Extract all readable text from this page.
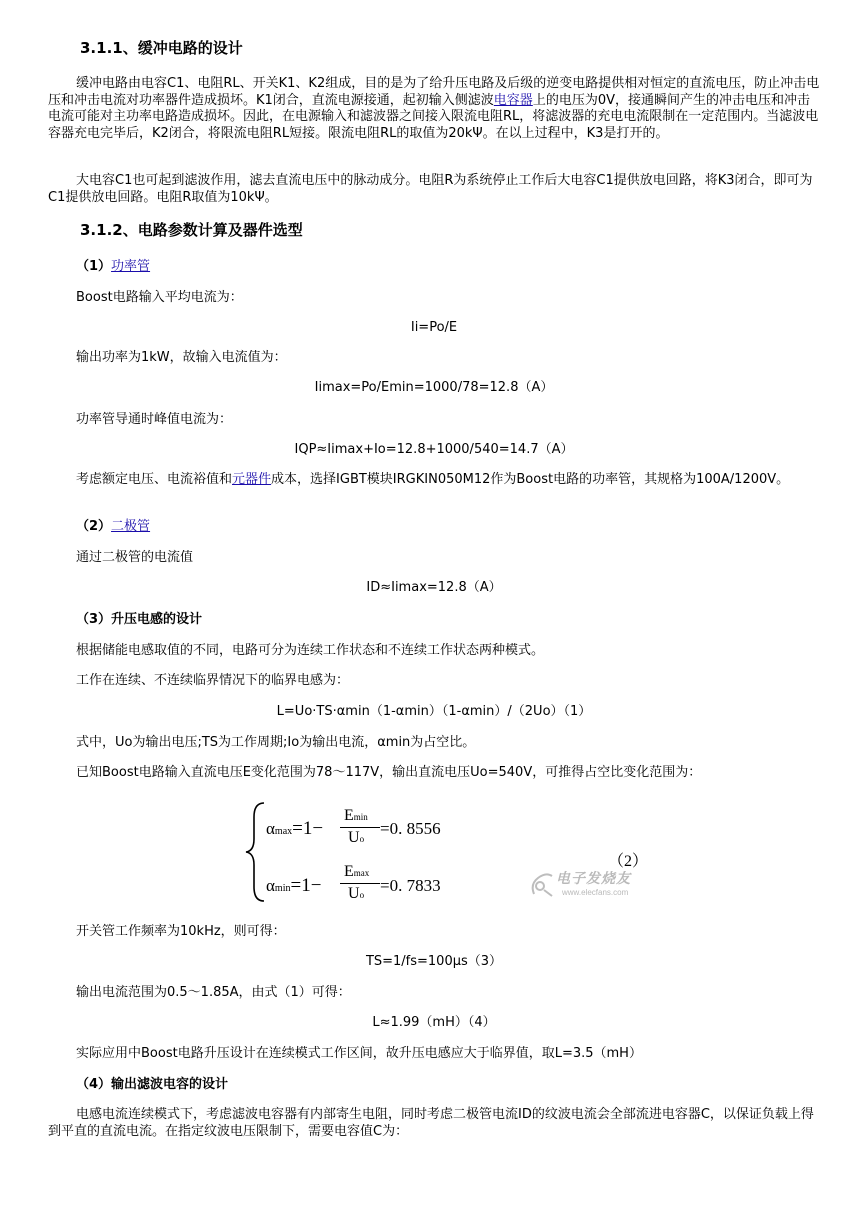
3.1.1、缓冲电路的设计
缓冲电路由电容C1、电阻RL、开关K1、K2组成，目的是为了给升压电路及后级的逆变电路提供相对恒定的直流电压，防止冲击电压和冲击电流对功率器件造成损坏。K1闭合，直流电源接通，起初输入侧滤波电容器上的电压为0V，接通瞬间产生的冲击电压和冲击电流可能对主功率电路造成损坏。因此，在电源输入和滤波器之间接入限流电阻RL，将滤波器的充电电流限制在一定范围内。当滤波电容器充电完毕后，K2闭合，将限流电阻RL短接。限流电阻RL的取值为20kΨ。在以上过程中，K3是打开的。
大电容C1也可起到滤波作用，滤去直流电压中的脉动成分。电阻R为系统停止工作后大电容C1提供放电回路，将K3闭合，即可为C1提供放电回路。电阻R取值为10kΨ。
3.1.2、电路参数计算及器件选型
（1）功率管
Boost电路输入平均电流为：
Ii=Po/E
输出功率为1kW，故输入电流值为：
Iimax=Po/Emin=1000/78=12.8（A）
功率管导通时峰值电流为：
IQP≈Iimax+Io=12.8+1000/540=14.7（A）
考虑额定电压、电流裕值和元器件成本，选择IGBT模块IRGKIN050M12作为Boost电路的功率管，其规格为100A/1200V。
（2）二极管
通过二极管的电流值
ID≈Iimax=12.8（A）
（3）升压电感的设计
根据储能电感取值的不同，电路可分为连续工作状态和不连续工作状态两种模式。
工作在连续、不连续临界情况下的临界电感为：
L=Uo·TS·αmin（1-αmin）（1-αmin）/（2Uo）（1）
式中，Uo为输出电压;TS为工作周期;Io为输出电流，αmin为占空比。
已知Boost电路输入直流电压E变化范围为78～117V，输出直流电压Uo=540V，可推得占空比变化范围为：
αmax=1−
Emin
Uo
=0. 8556
αmin=1−
Emax
Uo =0. 7833
（2）
电子发烧友
www.elecfans.com
开关管工作频率为10kHz，则可得：
TS=1/fs=100μs（3）
输出电流范围为0.5～1.85A，由式（1）可得：
L≈1.99（mH）（4）
实际应用中Boost电路升压设计在连续模式工作区间，故升压电感应大于临界值，取L=3.5（mH）
（4）输出滤波电容的设计
电感电流连续模式下，考虑滤波电容器有内部寄生电阻，同时考虑二极管电流ID的纹波电流会全部流进电容器C，以保证负载上得到平直的直流电流。在指定纹波电压限制下，需要电容值C为：
